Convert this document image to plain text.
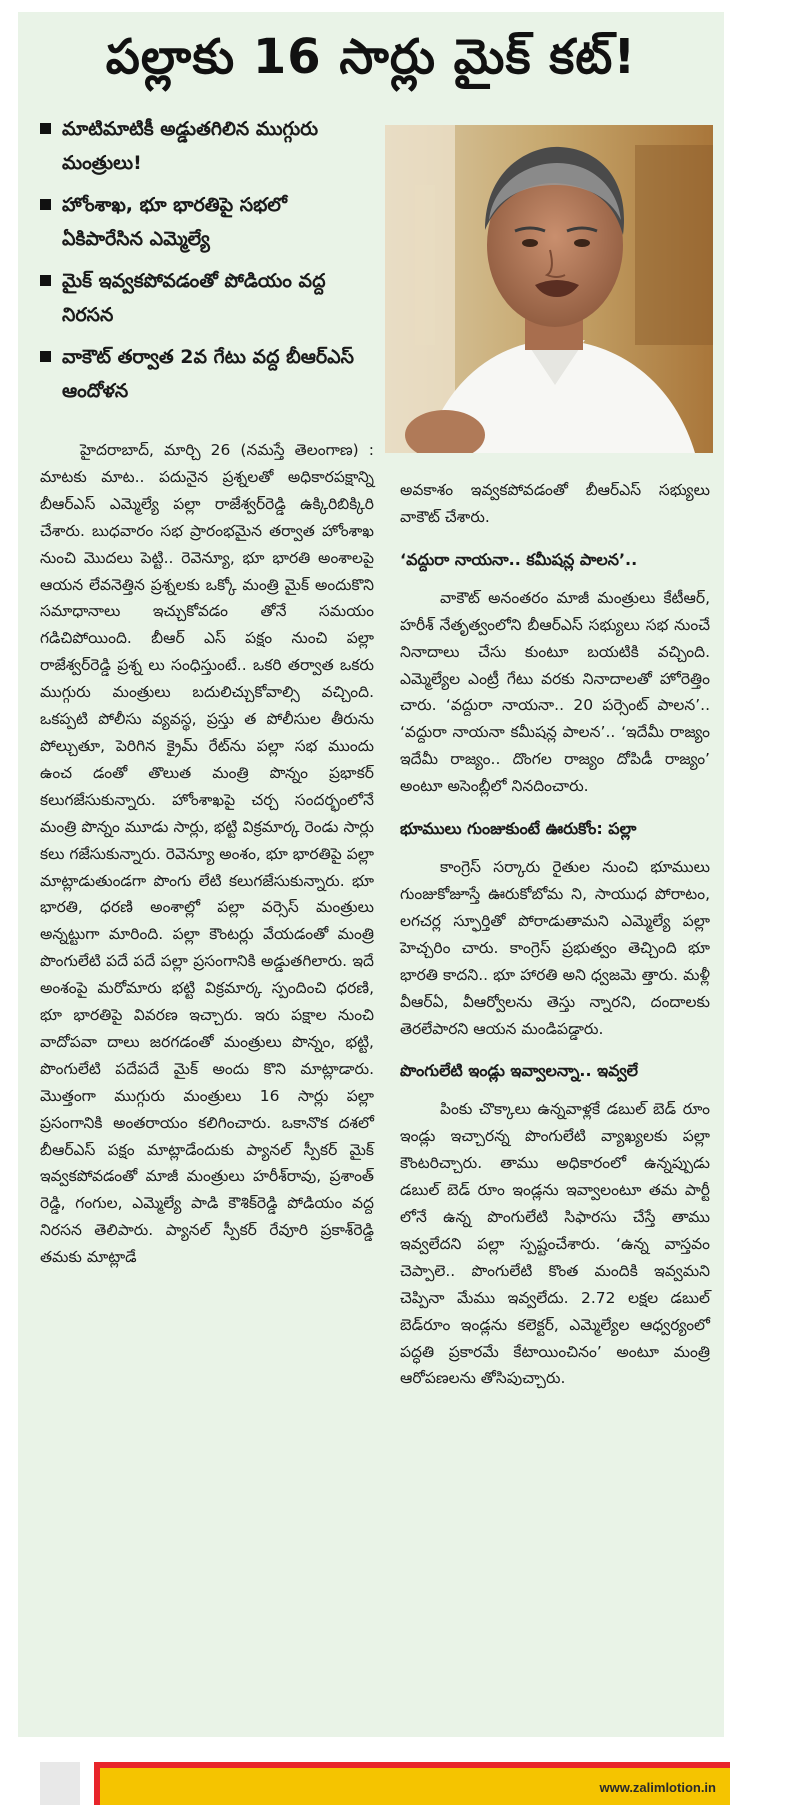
పల్లాకు 16 సార్లు మైక్ కట్!
మాటిమాటికీ అడ్డుతగిలిన ముగ్గురు మంత్రులు!
హోంశాఖ, భూ భారతిపై సభలో ఏకిపారేసిన ఎమ్మెల్యే
మైక్ ఇవ్వకపోవడంతో పోడియం వద్ద నిరసన
వాకౌట్ తర్వాత 2వ గేటు వద్ద బీఆర్ఎస్ ఆందోళన

హైదరాబాద్, మార్చి 26 (నమస్తే తెలంగాణ) : మాటకు మాట.. పదునైన ప్రశ్నలతో అధికారపక్షాన్ని బీఆర్ఎస్ ఎమ్మెల్యే పల్లా రాజేశ్వర్‌రెడ్డి ఉక్కిరిబిక్కిరి చేశారు. బుధవారం సభ ప్రారంభమైన తర్వాత హోంశాఖ నుంచి మొదలు పెట్టి.. రెవెన్యూ, భూ భారతి అంశాలపై ఆయన లేవనెత్తిన ప్రశ్నలకు ఒక్కో మంత్రి మైక్ అందుకొని సమాధానాలు ఇచ్చుకోవడం తోనే సమయం గడిచిపోయింది. బీఆర్ ఎస్ పక్షం నుంచి పల్లా రాజేశ్వర్‌రెడ్డి ప్రశ్న లు సంధిస్తుంటే.. ఒకరి తర్వాత ఒకరు ముగ్గురు మంత్రులు బదులిచ్చుకోవాల్సి వచ్చింది. ఒకప్పటి పోలీసు వ్యవస్థ, ప్రస్తు త పోలీసుల తీరును పోల్చుతూ, పెరిగిన క్రైమ్ రేట్‌ను పల్లా సభ ముందు ఉంచ డంతో తొలుత మంత్రి పొన్నం ప్రభాకర్ కలుగజేసుకున్నారు. హోంశాఖపై చర్చ సందర్భంలోనే మంత్రి పొన్నం మూడు సార్లు, భట్టి విక్రమార్క రెండు సార్లు కలు గజేసుకున్నారు. రెవెన్యూ అంశం, భూ భారతిపై పల్లా మాట్లాడుతుండగా పొంగు లేటి కలుగజేసుకున్నారు. భూ భారతి, ధరణి అంశాల్లో పల్లా వర్సెస్ మంత్రులు అన్నట్టుగా మారింది. పల్లా కౌంటర్లు వేయడంతో మంత్రి పొంగులేటి పదే పదే పల్లా ప్రసంగానికి అడ్డుతగిలారు. ఇదే అంశంపై మరోమారు భట్టి విక్రమార్క స్పందించి ధరణి, భూ భారతిపై వివరణ ఇచ్చారు. ఇరు పక్షాల నుంచి వాదోపవా దాలు జరగడంతో మంత్రులు పొన్నం, భట్టి, పొంగులేటి పదేపదే మైక్ అందు కొని మాట్లాడారు. మొత్తంగా ముగ్గురు మంత్రులు 16 సార్లు పల్లా ప్రసంగానికి అంతరాయం కలిగించారు. ఒకానొక దశలో బీఆర్ఎస్ పక్షం మాట్లాడేందుకు ప్యానల్ స్పీకర్ మైక్ ఇవ్వకపోవడంతో మాజీ మంత్రులు హరీశ్‌రావు, ప్రశాంత్ రెడ్డి, గంగుల, ఎమ్మెల్యే పాడి కౌశిక్‌రెడ్డి పోడియం వద్ద నిరసన తెలిపారు. ప్యానల్ స్పీకర్ రేవూరి ప్రకాశ్‌రెడ్డి తమకు మాట్లాడే

అవకాశం ఇవ్వకపోవడంతో బీఆర్ఎస్ సభ్యులు వాకౌట్ చేశారు.

‘వద్దురా నాయనా.. కమీషన్ల పాలన’..

వాకౌట్ అనంతరం మాజీ మంత్రులు కేటీఆర్, హరీశ్ నేతృత్వంలోని బీఆర్ఎస్ సభ్యులు సభ నుంచే నినాదాలు చేసు కుంటూ బయటికి వచ్చింది. ఎమ్మెల్యేల ఎంట్రీ గేటు వరకు నినాదాలతో హోరెత్తిం చారు. ‘వద్దురా నాయనా.. 20 పర్సెంట్ పాలన’.. ‘వద్దురా నాయనా కమీషన్ల పాలన’.. ‘ఇదేమీ రాజ్యం ఇదేమీ రాజ్యం.. దొంగల రాజ్యం దోపిడీ రాజ్యం’ అంటూ అసెంబ్లీలో నినదించారు.

భూములు గుంజుకుంటే ఊరుకోం: పల్లా

కాంగ్రెస్ సర్కారు రైతుల నుంచి భూములు గుంజుకోజూస్తే ఊరుకోబోమ ని, సాయుధ పోరాటం, లగచర్ల స్ఫూర్తితో పోరాడుతామని ఎమ్మెల్యే పల్లా హెచ్చరిం చారు. కాంగ్రెస్ ప్రభుత్వం తెచ్చింది భూ భారతి కాదని.. భూ హారతి అని ధ్వజమె త్తారు. మళ్లీ వీఆర్‌ఏ, వీఆర్వోలను తెస్తు న్నారని, దందాలకు తెరలేపారని ఆయన మండిపడ్డారు.

పొంగులేటి ఇండ్లు ఇవ్వాలన్నా.. ఇవ్వలే

పింకు చొక్కాలు ఉన్నవాళ్లకే డబుల్ బెడ్ రూం ఇండ్లు ఇచ్చారన్న పొంగులేటి వ్యాఖ్యలకు పల్లా కౌంటరిచ్చారు. తాము అధికారంలో ఉన్నప్పుడు డబుల్ బెడ్ రూం ఇండ్లను ఇవ్వాలంటూ తమ పార్టీ లోనే ఉన్న పొంగులేటి సిఫారసు చేస్తే తాము ఇవ్వలేదని పల్లా స్పష్టంచేశారు. ‘ఉన్న వాస్తవం చెప్పాలె.. పొంగులేటి కొంత మందికి ఇవ్వమని చెప్పినా మేము ఇవ్వలేదు. 2.72 లక్షల డబుల్ బెడ్‌రూం ఇండ్లను కలెక్టర్, ఎమ్మెల్యేల ఆధ్వర్యంలో పద్ధతి ప్రకారమే కేటాయించినం’ అంటూ మంత్రి ఆరోపణలను తోసిపుచ్చారు.

www.zalimlotion.in
